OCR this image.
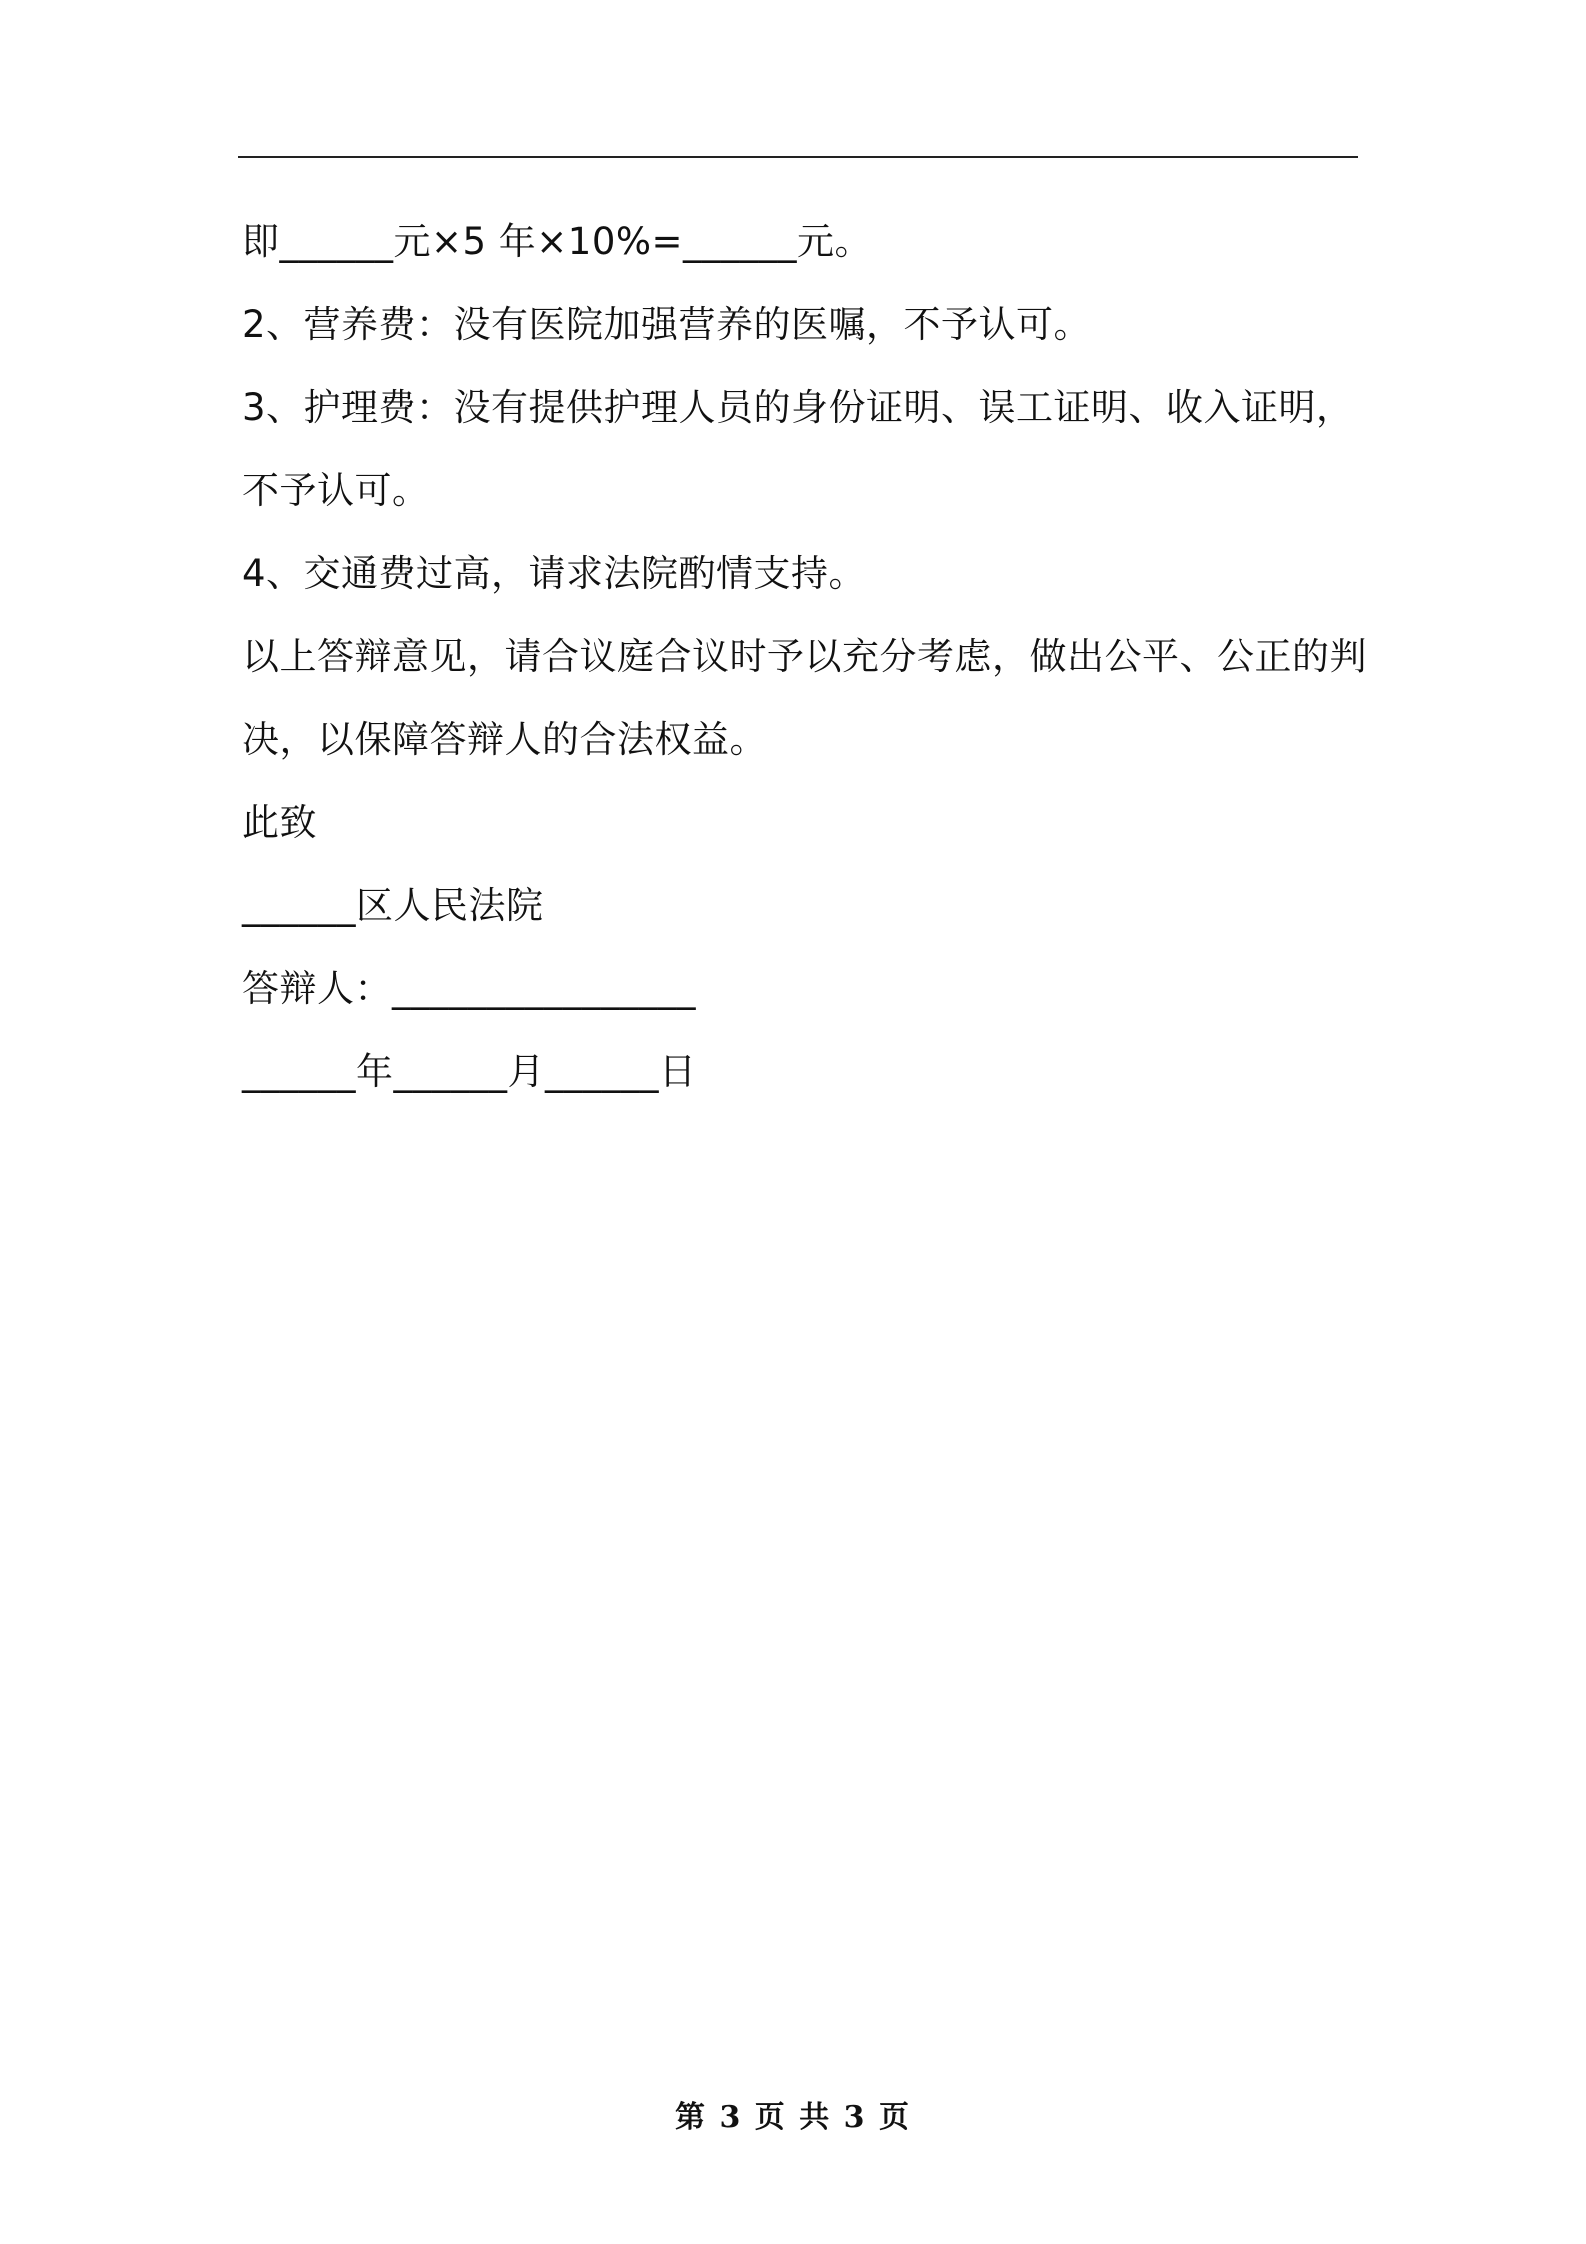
即______元×5 年×10%=______元。
2、营养费：没有医院加强营养的医嘱，不予认可。
3、护理费：没有提供护理人员的身份证明、误工证明、收入证明，
不予认可。
4、交通费过高，请求法院酌情支持。
以上答辩意见，请合议庭合议时予以充分考虑，做出公平、公正的判
决，以保障答辩人的合法权益。
此致
______区人民法院
答辩人：________________
______年______月______日
第 3 页 共 3 页
